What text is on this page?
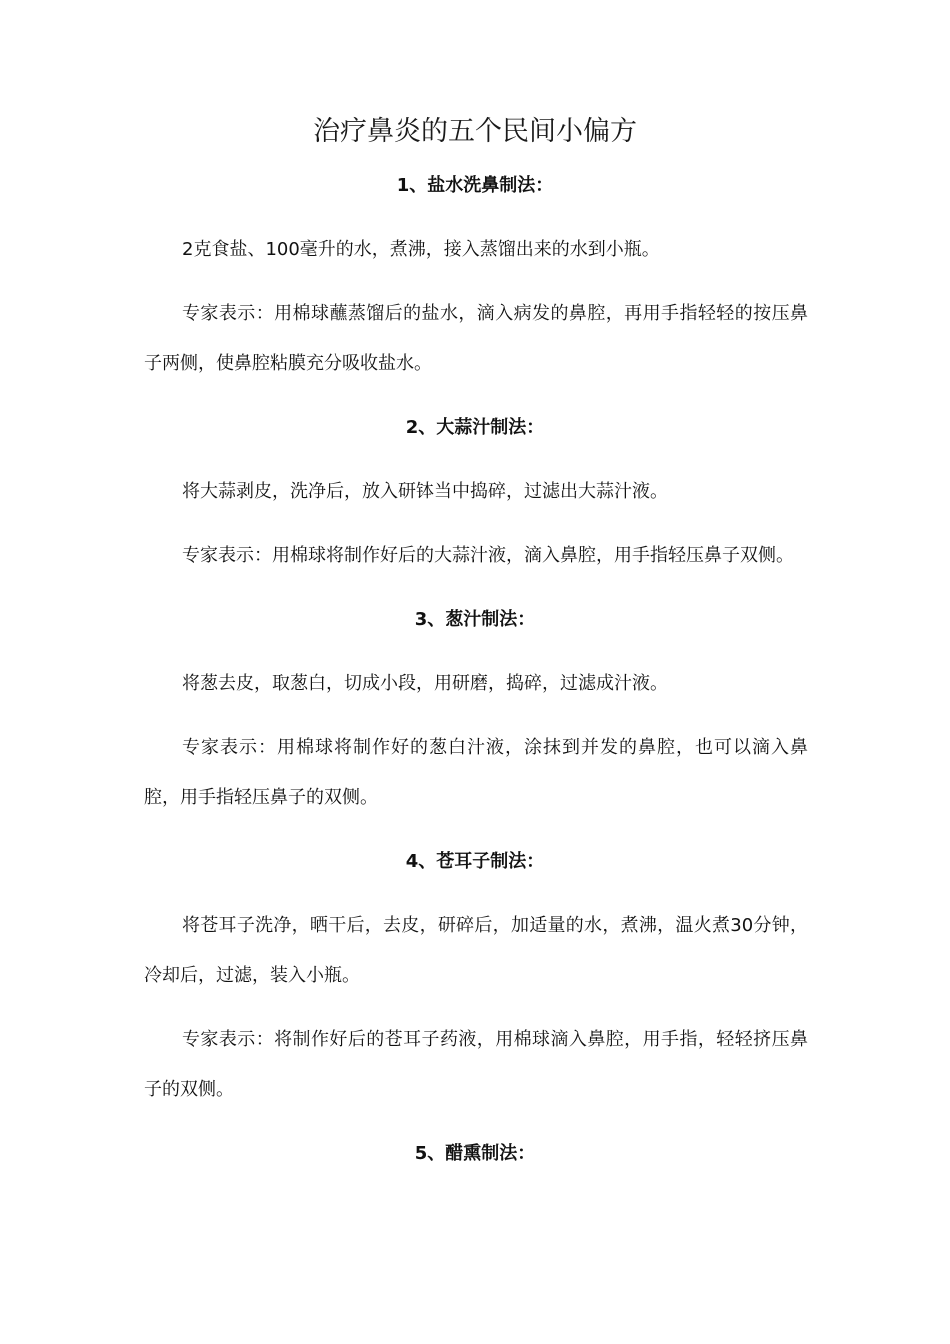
治疗鼻炎的五个民间小偏方
1、盐水洗鼻制法：

2克食盐、100毫升的水，煮沸，接入蒸馏出来的水到小瓶。

专家表示：用棉球蘸蒸馏后的盐水，滴入病发的鼻腔，再用手指轻轻的按压鼻子两侧，使鼻腔粘膜充分吸收盐水。

2、大蒜汁制法：

将大蒜剥皮，洗净后，放入研钵当中捣碎，过滤出大蒜汁液。

专家表示：用棉球将制作好后的大蒜汁液，滴入鼻腔，用手指轻压鼻子双侧。

3、葱汁制法：

将葱去皮，取葱白，切成小段，用研磨，捣碎，过滤成汁液。

专家表示：用棉球将制作好的葱白汁液，涂抹到并发的鼻腔，也可以滴入鼻腔，用手指轻压鼻子的双侧。

4、苍耳子制法：

将苍耳子洗净，晒干后，去皮，研碎后，加适量的水，煮沸，温火煮30分钟，冷却后，过滤，装入小瓶。

专家表示：将制作好后的苍耳子药液，用棉球滴入鼻腔，用手指，轻轻挤压鼻子的双侧。

5、醋熏制法：
